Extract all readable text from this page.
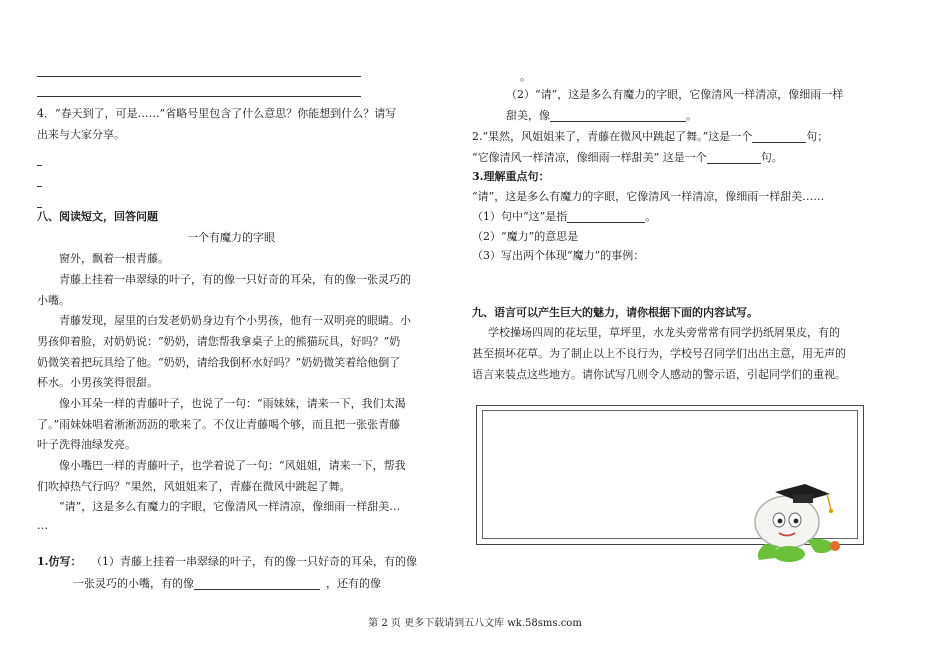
4．“春天到了，可是……”省略号里包含了什么意思？你能想到什么？请写
出来与大家分享。
八、阅读短文，回答问题
一个有魔力的字眼
窗外，飘着一根青藤。
青藤上挂着一串翠绿的叶子，有的像一只好奇的耳朵，有的像一张灵巧的
小嘴。
青藤发现，屋里的白发老奶奶身边有个小男孩，他有一双明亮的眼睛。小
男孩仰着脸，对奶奶说：“奶奶，请您帮我拿桌子上的熊猫玩具，好吗？”奶
奶微笑着把玩具给了他。“奶奶，请给我倒杯水好吗？”奶奶微笑着给他倒了
杯水。小男孩笑得很甜。
像小耳朵一样的青藤叶子，也说了一句：“雨妹妹，请来一下，我们太渴
了。”雨妹妹唱着淅淅沥沥的歌来了。不仅让青藤喝个够，而且把一张张青藤
叶子洗得油绿发亮。
像小嘴巴一样的青藤叶子，也学着说了一句：“风姐姐，请来一下，帮我
们吹掉热气行吗？”果然，风姐姐来了，青藤在微风中跳起了舞。
“请”，这是多么有魔力的字眼，它像清风一样清凉，像细雨一样甜美…
…
1.仿写： （1）青藤上挂着一串翠绿的叶子，有的像一只好奇的耳朵，有的像
一张灵巧的小嘴，有的像	，还有的像
。
（2）“请”，这是多么有魔力的字眼，它像清风一样清凉，像细雨一样
甜美，像	。
2.“果然，风姐姐来了，青藤在微风中跳起了舞。”这是一个	句；
“它像清风一样清凉，像细雨一样甜美” 这是一个	句。
3.理解重点句：
“请”，这是多么有魔力的字眼，它像清风一样清凉，像细雨一样甜美……
（1）句中“这”是指	。
（2）“魔力”的意思是
（3）写出两个体现“魔力”的事例：
九、语言可以产生巨大的魅力，请你根据下面的内容试写。
学校操场四周的花坛里，草坪里，水龙头旁常常有同学扔纸屑果皮，有的
甚至损坏花草。为了制止以上不良行为，学校号召同学们出出主意，用无声的
语言来装点这些地方。请你试写几则令人感动的警示语，引起同学们的重视。
第 2 页 更多下载请到五八文库 wk.58sms.com
